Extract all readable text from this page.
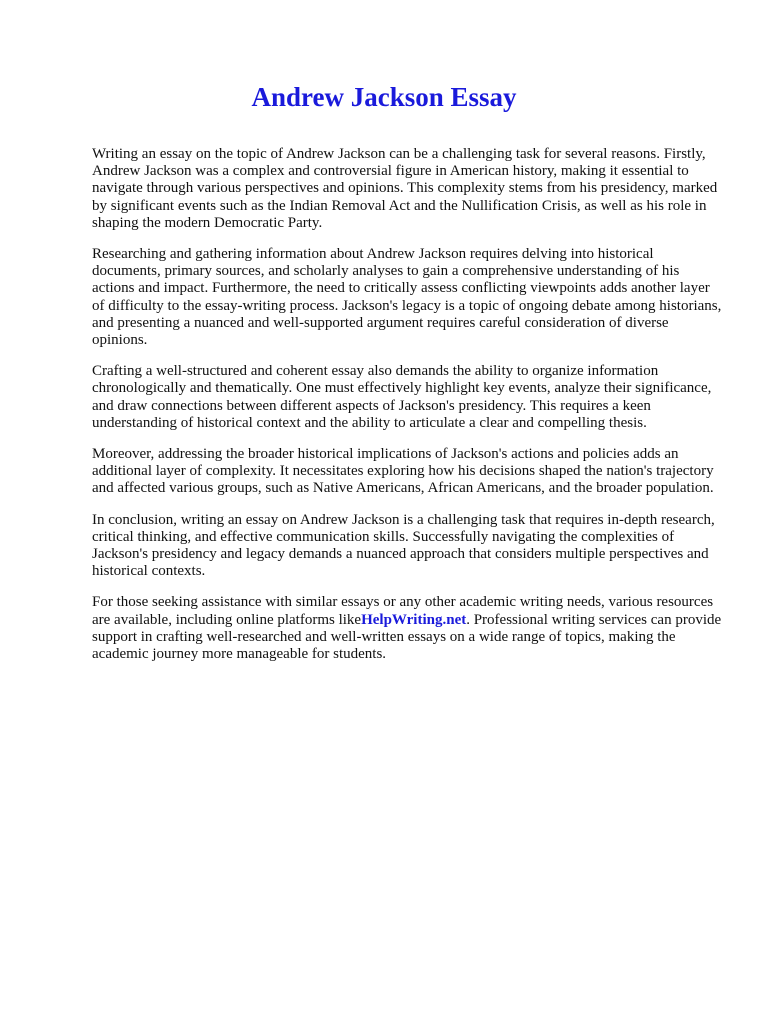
Andrew Jackson Essay

Writing an essay on the topic of Andrew Jackson can be a challenging task for several reasons. Firstly, Andrew Jackson was a complex and controversial figure in American history, making it essential to navigate through various perspectives and opinions. This complexity stems from his presidency, marked by significant events such as the Indian Removal Act and the Nullification Crisis, as well as his role in shaping the modern Democratic Party.

Researching and gathering information about Andrew Jackson requires delving into historical documents, primary sources, and scholarly analyses to gain a comprehensive understanding of his actions and impact. Furthermore, the need to critically assess conflicting viewpoints adds another layer of difficulty to the essay-writing process. Jackson's legacy is a topic of ongoing debate among historians, and presenting a nuanced and well-supported argument requires careful consideration of diverse opinions.

Crafting a well-structured and coherent essay also demands the ability to organize information chronologically and thematically. One must effectively highlight key events, analyze their significance, and draw connections between different aspects of Jackson's presidency. This requires a keen understanding of historical context and the ability to articulate a clear and compelling thesis.

Moreover, addressing the broader historical implications of Jackson's actions and policies adds an additional layer of complexity. It necessitates exploring how his decisions shaped the nation's trajectory and affected various groups, such as Native Americans, African Americans, and the broader population.

In conclusion, writing an essay on Andrew Jackson is a challenging task that requires in-depth research, critical thinking, and effective communication skills. Successfully navigating the complexities of Jackson's presidency and legacy demands a nuanced approach that considers multiple perspectives and historical contexts.

For those seeking assistance with similar essays or any other academic writing needs, various resources are available, including online platforms likeHelpWriting.net. Professional writing services can provide support in crafting well-researched and well-written essays on a wide range of topics, making the academic journey more manageable for students.
